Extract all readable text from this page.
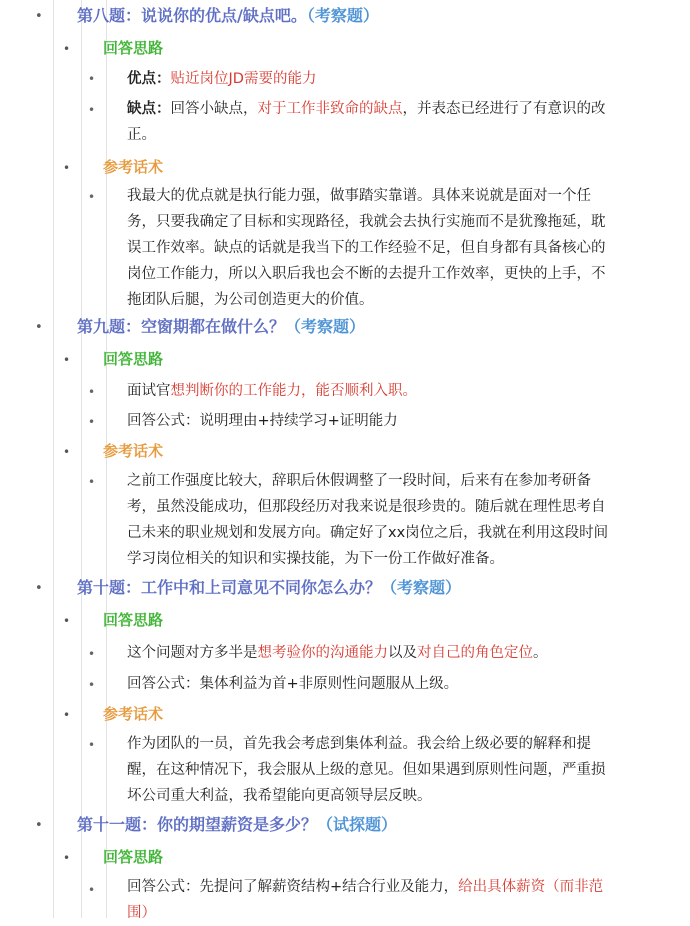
• 第八题：说说你的优点/缺点吧。（考察题）
• 回答思路
• 优点：贴近岗位JD需要的能力
• 缺点：回答小缺点，对于工作非致命的缺点，并表态已经进行了有意识的改
正。
• 参考话术
• 我最大的优点就是执行能力强，做事踏实靠谱。具体来说就是面对一个任
务，只要我确定了目标和实现路径，我就会去执行实施而不是犹豫拖延，耽
误工作效率。缺点的话就是我当下的工作经验不足，但自身都有具备核心的
岗位工作能力，所以入职后我也会不断的去提升工作效率，更快的上手，不
拖团队后腿，为公司创造更大的价值。
• 第九题：空窗期都在做什么？（考察题）
• 回答思路
• 面试官想判断你的工作能力，能否顺利入职。
• 回答公式：说明理由+持续学习+证明能力
• 参考话术
• 之前工作强度比较大，辞职后休假调整了一段时间，后来有在参加考研备
考，虽然没能成功，但那段经历对我来说是很珍贵的。随后就在理性思考自
己未来的职业规划和发展方向。确定好了xx岗位之后，我就在利用这段时间
学习岗位相关的知识和实操技能，为下一份工作做好准备。
• 第十题：工作中和上司意见不同你怎么办？（考察题）
• 回答思路
• 这个问题对方多半是想考验你的沟通能力以及对自己的角色定位。
• 回答公式：集体利益为首+非原则性问题服从上级。
• 参考话术
• 作为团队的一员，首先我会考虑到集体利益。我会给上级必要的解释和提
醒，在这种情况下，我会服从上级的意见。但如果遇到原则性问题，严重损
坏公司重大利益，我希望能向更高领导层反映。
• 第十一题：你的期望薪资是多少？（试探题）
• 回答思路
• 回答公式：先提问了解薪资结构+结合行业及能力，给出具体薪资（而非范
围）
